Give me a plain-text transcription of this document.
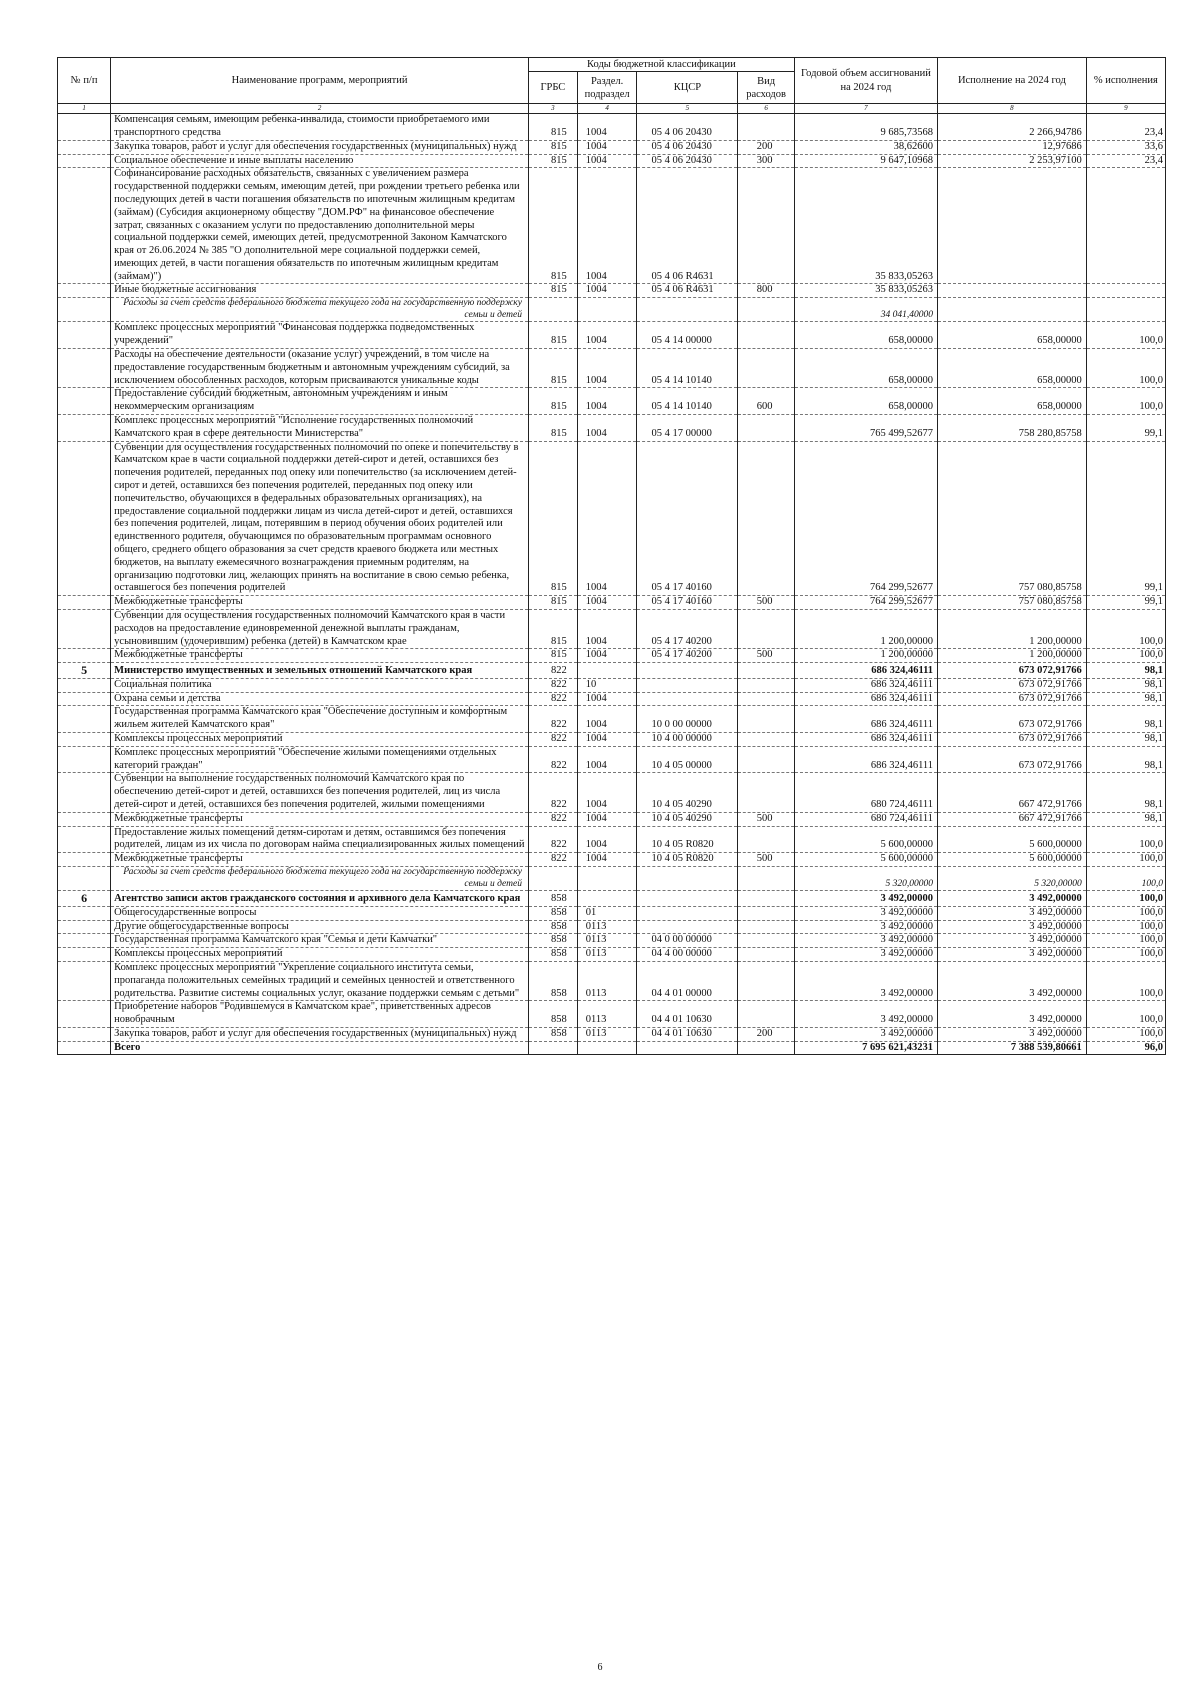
№ п/п	Наименование программ, мероприятий	Коды бюджетной классификации				Годовой объем ассигнований на 2024 год	Исполнение на 2024 год	% исполнения
		ГРБС	Раздел. подраздел	КЦСР	Вид расходов			
1	2	3	4	5	6	7	8	9
	Компенсация семьям, имеющим ребенка-инвалида, стоимости приобретаемого ими транспортного средства	815	1004	05 4 06 20430		9 685,73568	2 266,94786	23,4
	Закупка товаров, работ и услуг для обеспечения государственных (муниципальных) нужд	815	1004	05 4 06 20430	200	38,62600	12,97686	33,6
	Социальное обеспечение и иные выплаты населению	815	1004	05 4 06 20430	300	9 647,10968	2 253,97100	23,4
	Софинансирование расходных обязательств, связанных с увеличением размера государственной поддержки семьям, имеющим детей, при рождении третьего ребенка или последующих детей в части погашения обязательств по ипотечным жилищным кредитам (займам) (Субсидия акционерному обществу "ДОМ.РФ" на финансовое обеспечение затрат, связанных с оказанием услуги по предоставлению дополнительной меры социальной поддержки семей, имеющих детей, предусмотренной Законом Камчатского края от 26.06.2024 № 385 "О дополнительной мере социальной поддержки семей, имеющих детей, в части погашения обязательств по ипотечным жилищным кредитам (займам)")	815	1004	05 4 06 R4631		35 833,05263		
	Иные бюджетные ассигнования	815	1004	05 4 06 R4631	800	35 833,05263		
	Расходы за счет средств федерального бюджета текущего года на государственную поддержку семьи и детей					34 041,40000		
	Комплекс процессных мероприятий "Финансовая поддержка подведомственных учреждений"	815	1004	05 4 14 00000		658,00000	658,00000	100,0
	Расходы на обеспечение деятельности (оказание услуг) учреждений, в том числе на предоставление государственным бюджетным и автономным учреждениям субсидий, за исключением обособленных расходов, которым присваиваются уникальные коды	815	1004	05 4 14 10140		658,00000	658,00000	100,0
	Предоставление субсидий бюджетным, автономным учреждениям и иным некоммерческим организациям	815	1004	05 4 14 10140	600	658,00000	658,00000	100,0
	Комплекс процессных мероприятий "Исполнение государственных полномочий Камчатского края в сфере деятельности Министерства"	815	1004	05 4 17 00000		765 499,52677	758 280,85758	99,1
	Субвенции для осуществления государственных полномочий по опеке и попечительству в Камчатском крае в части социальной поддержки детей-сирот и детей, оставшихся без попечения родителей, переданных под опеку или попечительство (за исключением детей-сирот и детей, оставшихся без попечения родителей, переданных под опеку или попечительство, обучающихся в федеральных образовательных организациях), на предоставление социальной поддержки лицам из числа детей-сирот и детей, оставшихся без попечения родителей, лицам, потерявшим в период обучения обоих родителей или единственного родителя, обучающимся по образовательным программам основного общего, среднего общего образования за счет средств краевого бюджета или местных бюджетов, на выплату ежемесячного вознаграждения приемным родителям, на организацию подготовки лиц, желающих принять на воспитание в свою семью ребенка, оставшегося без попечения родителей	815	1004	05 4 17 40160		764 299,52677	757 080,85758	99,1
	Межбюджетные трансферты	815	1004	05 4 17 40160	500	764 299,52677	757 080,85758	99,1
	Субвенции для осуществления государственных полномочий Камчатского края в части расходов на предоставление единовременной денежной выплаты гражданам, усыновившим (удочерившим) ребенка (детей) в Камчатском крае	815	1004	05 4 17 40200		1 200,00000	1 200,00000	100,0
	Межбюджетные трансферты	815	1004	05 4 17 40200	500	1 200,00000	1 200,00000	100,0
5	Министерство имущественных и земельных отношений Камчатского края	822				686 324,46111	673 072,91766	98,1
	Социальная политика	822	10			686 324,46111	673 072,91766	98,1
	Охрана семьи и детства	822	1004			686 324,46111	673 072,91766	98,1
	Государственная программа Камчатского края "Обеспечение доступным и комфортным жильем жителей Камчатского края"	822	1004	10 0 00 00000		686 324,46111	673 072,91766	98,1
	Комплексы процессных мероприятий	822	1004	10 4 00 00000		686 324,46111	673 072,91766	98,1
	Комплекс процессных мероприятий "Обеспечение жилыми помещениями отдельных категорий граждан"	822	1004	10 4 05 00000		686 324,46111	673 072,91766	98,1
	Субвенции на выполнение государственных полномочий Камчатского края по обеспечению детей-сирот и детей, оставшихся без попечения родителей, лиц из числа детей-сирот и детей, оставшихся без попечения родителей, жилыми помещениями	822	1004	10 4 05 40290		680 724,46111	667 472,91766	98,1
	Межбюджетные трансферты	822	1004	10 4 05 40290	500	680 724,46111	667 472,91766	98,1
	Предоставление жилых помещений детям-сиротам и детям, оставшимся без попечения родителей, лицам из их числа по договорам найма специализированных жилых помещений	822	1004	10 4 05 R0820		5 600,00000	5 600,00000	100,0
	Межбюджетные трансферты	822	1004	10 4 05 R0820	500	5 600,00000	5 600,00000	100,0
	Расходы за счет средств федерального бюджета текущего года на государственную поддержку семьи и детей					5 320,00000	5 320,00000	100,0
6	Агентство записи актов гражданского состояния и архивного дела Камчатского края	858				3 492,00000	3 492,00000	100,0
	Общегосударственные вопросы	858	01			3 492,00000	3 492,00000	100,0
	Другие общегосударственные вопросы	858	0113			3 492,00000	3 492,00000	100,0
	Государственная программа Камчатского края "Семья и дети Камчатки"	858	0113	04 0 00 00000		3 492,00000	3 492,00000	100,0
	Комплексы процессных мероприятий	858	0113	04 4 00 00000		3 492,00000	3 492,00000	100,0
	Комплекс процессных мероприятий "Укрепление социального института семьи, пропаганда положительных семейных традиций и семейных ценностей и ответственного родительства. Развитие системы социальных услуг, оказание поддержки семьям с детьми"	858	0113	04 4 01 00000		3 492,00000	3 492,00000	100,0
	Приобретение наборов "Родившемуся в Камчатском крае", приветственных адресов новобрачным	858	0113	04 4 01 10630		3 492,00000	3 492,00000	100,0
	Закупка товаров, работ и услуг для обеспечения государственных (муниципальных) нужд	858	0113	04 4 01 10630	200	3 492,00000	3 492,00000	100,0
	Всего					7 695 621,43231	7 388 539,80661	96,0
6
